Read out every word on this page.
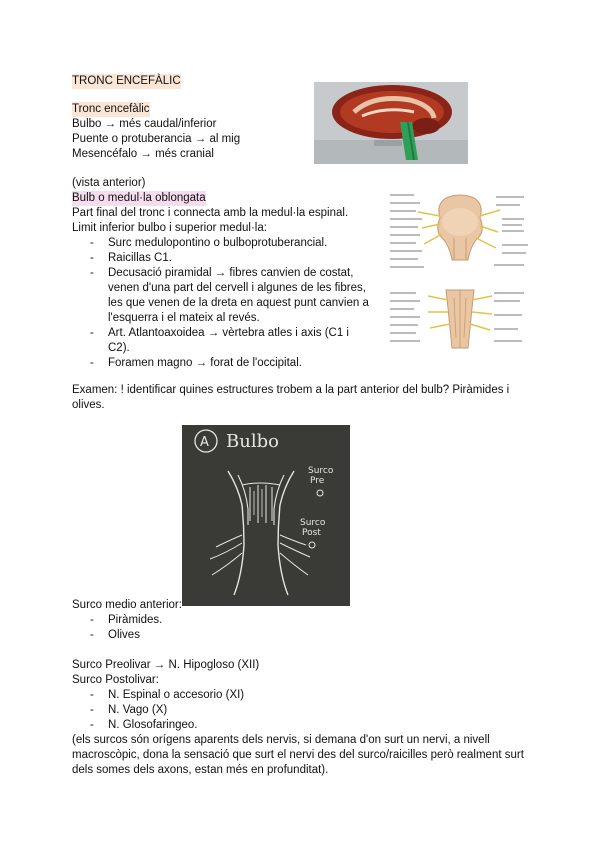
TRONC ENCEFÀLIC
Tronc encefàlic
Bulbo → més caudal/inferior
Puente o protuberancia → al mig
Mesencéfalo → més cranial
(vista anterior)
Bulb o medul·la oblongata
Part final del tronc i connecta amb la medul·la espinal.
Limit inferior bulbo i superior medul·la:
- Surc medulopontino o bulboprotuberancial.
- Raicillas C1.
- Decusació piramidal → fibres canvien de costat,
venen d'una part del cervell i algunes de les fibres,
les que venen de la dreta en aquest punt canvien a
l'esquerra i el mateix al revés.
- Art. Atlantoaxoidea → vèrtebra atles i axis (C1 i
C2).
- Foramen magno → forat de l'occipital.
Examen: ! identificar quines estructures trobem a la part anterior del bulb? Piràmides i
olives.
A Bulbo
Surco
Pre
Surco
Post
Surco medio anterior:
- Piràmides.
- Olives
Surco Preolivar → N. Hipogloso (XII)
Surco Postolivar:
- N. Espinal o accesorio (XI)
- N. Vago (X)
- N. Glosofaringeo.
(els surcos són orígens aparents dels nervis, si demana d'on surt un nervi, a nivell
macroscòpic, dona la sensació que surt el nervi des del surco/raicilles però realment surt
dels somes dels axons, estan més en profunditat).
